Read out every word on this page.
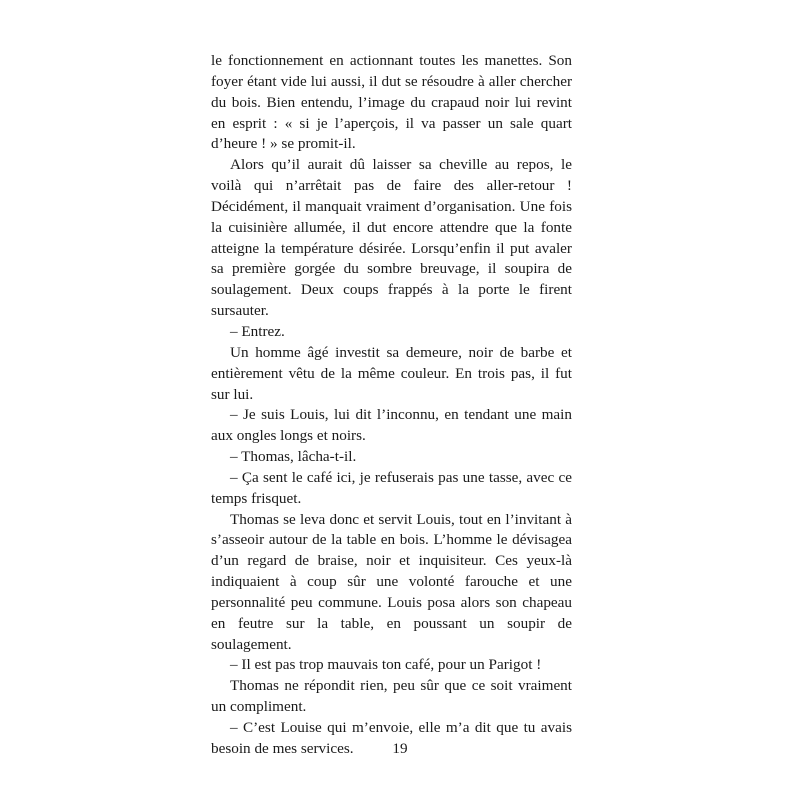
le fonctionnement en actionnant toutes les manettes. Son foyer étant vide lui aussi, il dut se résoudre à aller chercher du bois. Bien entendu, l’image du crapaud noir lui revint en esprit : « si je l’aperçois, il va passer un sale quart d’heure ! » se promit-il.

Alors qu’il aurait dû laisser sa cheville au repos, le voilà qui n’arrêtait pas de faire des aller-retour ! Décidément, il manquait vraiment d’organisation. Une fois la cuisinière allumée, il dut encore attendre que la fonte atteigne la température désirée. Lorsqu’enfin il put avaler sa première gorgée du sombre breuvage, il soupira de soulagement. Deux coups frappés à la porte le firent sursauter.

– Entrez.

Un homme âgé investit sa demeure, noir de barbe et entièrement vêtu de la même couleur. En trois pas, il fut sur lui.

– Je suis Louis, lui dit l’inconnu, en tendant une main aux ongles longs et noirs.

– Thomas, lâcha-t-il.

– Ça sent le café ici, je refuserais pas une tasse, avec ce temps frisquet.

Thomas se leva donc et servit Louis, tout en l’invitant à s’asseoir autour de la table en bois. L’homme le dévisagea d’un regard de braise, noir et inquisiteur. Ces yeux-là indiquaient à coup sûr une volonté farouche et une personnalité peu commune. Louis posa alors son chapeau en feutre sur la table, en poussant un soupir de soulagement.

– Il est pas trop mauvais ton café, pour un Parigot !

Thomas ne répondit rien, peu sûr que ce soit vraiment un compliment.

– C’est Louise qui m’envoie, elle m’a dit que tu avais besoin de mes services.	19
